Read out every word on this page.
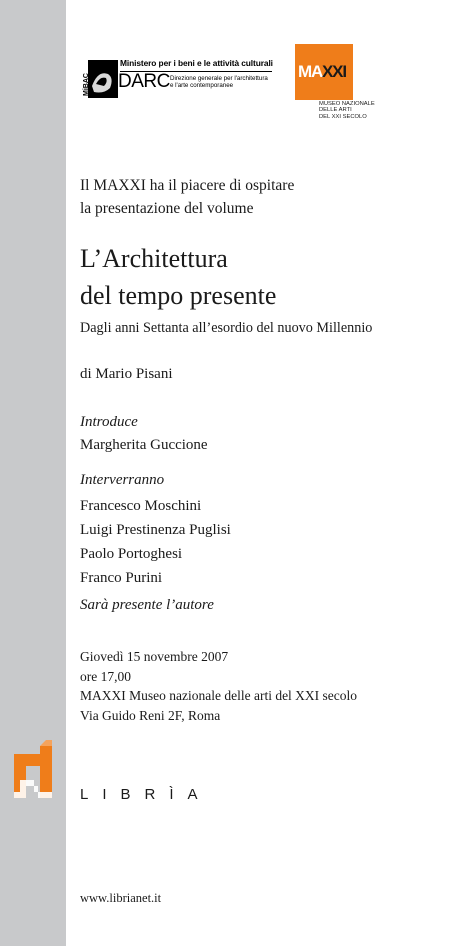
MiBAC
Ministero per i beni e le attività culturali
DARC Direzione generale per l'architettura
e l'arte contemporanee
MAXXI
MUSEO NAZIONALE
DELLE ARTI
DEL XXI SECOLO
Il MAXXI ha il piacere di ospitare
la presentazione del volume
L’Architettura
del tempo presente
Dagli anni Settanta all’esordio del nuovo Millennio
di Mario Pisani
Introduce
Margherita Guccione
Interverranno
Francesco Moschini
Luigi Prestinenza Puglisi
Paolo Portoghesi
Franco Purini
Sarà presente l’autore
Giovedì 15 novembre 2007
ore 17,00
MAXXI Museo nazionale delle arti del XXI secolo
Via Guido Reni 2F, Roma
LIBRÌA
www.librianet.it
